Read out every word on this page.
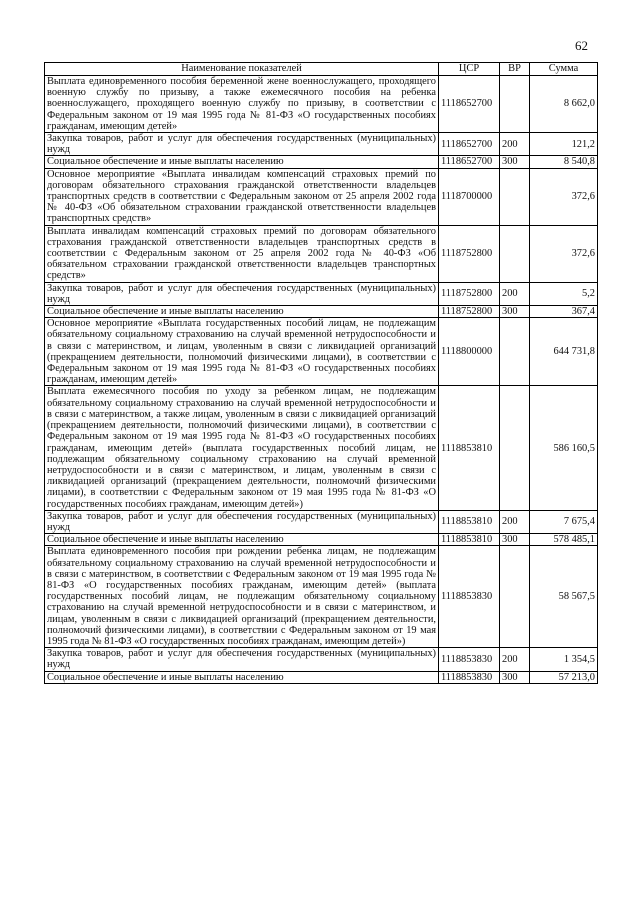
62
Наименование показателей	ЦСР	ВР	Сумма
Выплата единовременного пособия беременной жене военнослужащего, проходящего военную службу по призыву, а также ежемесячного пособия на ребенка военнослужащего, проходящего военную службу по призыву, в соответствии с Федеральным законом от 19 мая 1995 года № 81-ФЗ «О государственных пособиях гражданам, имеющим детей»	1118652700		8 662,0
Закупка товаров, работ и услуг для обеспечения государственных (муниципальных) нужд	1118652700	200	121,2
Социальное обеспечение и иные выплаты населению	1118652700	300	8 540,8
Основное мероприятие «Выплата инвалидам компенсаций страховых премий по договорам обязательного страхования гражданской ответственности владельцев транспортных средств в соответствии с Федеральным законом от 25 апреля 2002 года № 40-ФЗ «Об обязательном страховании гражданской ответственности владельцев транспортных средств»	1118700000		372,6
Выплата инвалидам компенсаций страховых премий по договорам обязательного страхования гражданской ответственности владельцев транспортных средств в соответствии с Федеральным законом от 25 апреля 2002 года № 40-ФЗ «Об обязательном страховании гражданской ответственности владельцев транспортных средств»	1118752800		372,6
Закупка товаров, работ и услуг для обеспечения государственных (муниципальных) нужд	1118752800	200	5,2
Социальное обеспечение и иные выплаты населению	1118752800	300	367,4
Основное мероприятие «Выплата государственных пособий лицам, не подлежащим обязательному социальному страхованию на случай временной нетрудоспособности и в связи с материнством, и лицам, уволенным в связи с ликвидацией организаций (прекращением деятельности, полномочий физическими лицами), в соответствии с Федеральным законом от 19 мая 1995 года № 81-ФЗ «О государственных пособиях гражданам, имеющим детей»	1118800000		644 731,8
Выплата ежемесячного пособия по уходу за ребенком лицам, не подлежащим обязательному социальному страхованию на случай временной нетрудоспособности и в связи с материнством, а также лицам, уволенным в связи с ликвидацией организаций (прекращением деятельности, полномочий физическими лицами), в соответствии с Федеральным законом от 19 мая 1995 года № 81-ФЗ «О государственных пособиях гражданам, имеющим детей» (выплата государственных пособий лицам, не подлежащим обязательному социальному страхованию на случай временной нетрудоспособности и в связи с материнством, и лицам, уволенным в связи с ликвидацией организаций (прекращением деятельности, полномочий физическими лицами), в соответствии с Федеральным законом от 19 мая 1995 года № 81-ФЗ «О государственных пособиях гражданам, имеющим детей»)	1118853810		586 160,5
Закупка товаров, работ и услуг для обеспечения государственных (муниципальных) нужд	1118853810	200	7 675,4
Социальное обеспечение и иные выплаты населению	1118853810	300	578 485,1
Выплата единовременного пособия при рождении ребенка лицам, не подлежащим обязательному социальному страхованию на случай временной нетрудоспособности и в связи с материнством, в соответствии с Федеральным законом от 19 мая 1995 года № 81-ФЗ «О государственных пособиях гражданам, имеющим детей» (выплата государственных пособий лицам, не подлежащим обязательному социальному страхованию на случай временной нетрудоспособности и в связи с материнством, и лицам, уволенным в связи с ликвидацией организаций (прекращением деятельности, полномочий физическими лицами), в соответствии с Федеральным законом от 19 мая 1995 года № 81-ФЗ «О государственных пособиях гражданам, имеющим детей»)	1118853830		58 567,5
Закупка товаров, работ и услуг для обеспечения государственных (муниципальных) нужд	1118853830	200	1 354,5
Социальное обеспечение и иные выплаты населению	1118853830	300	57 213,0
